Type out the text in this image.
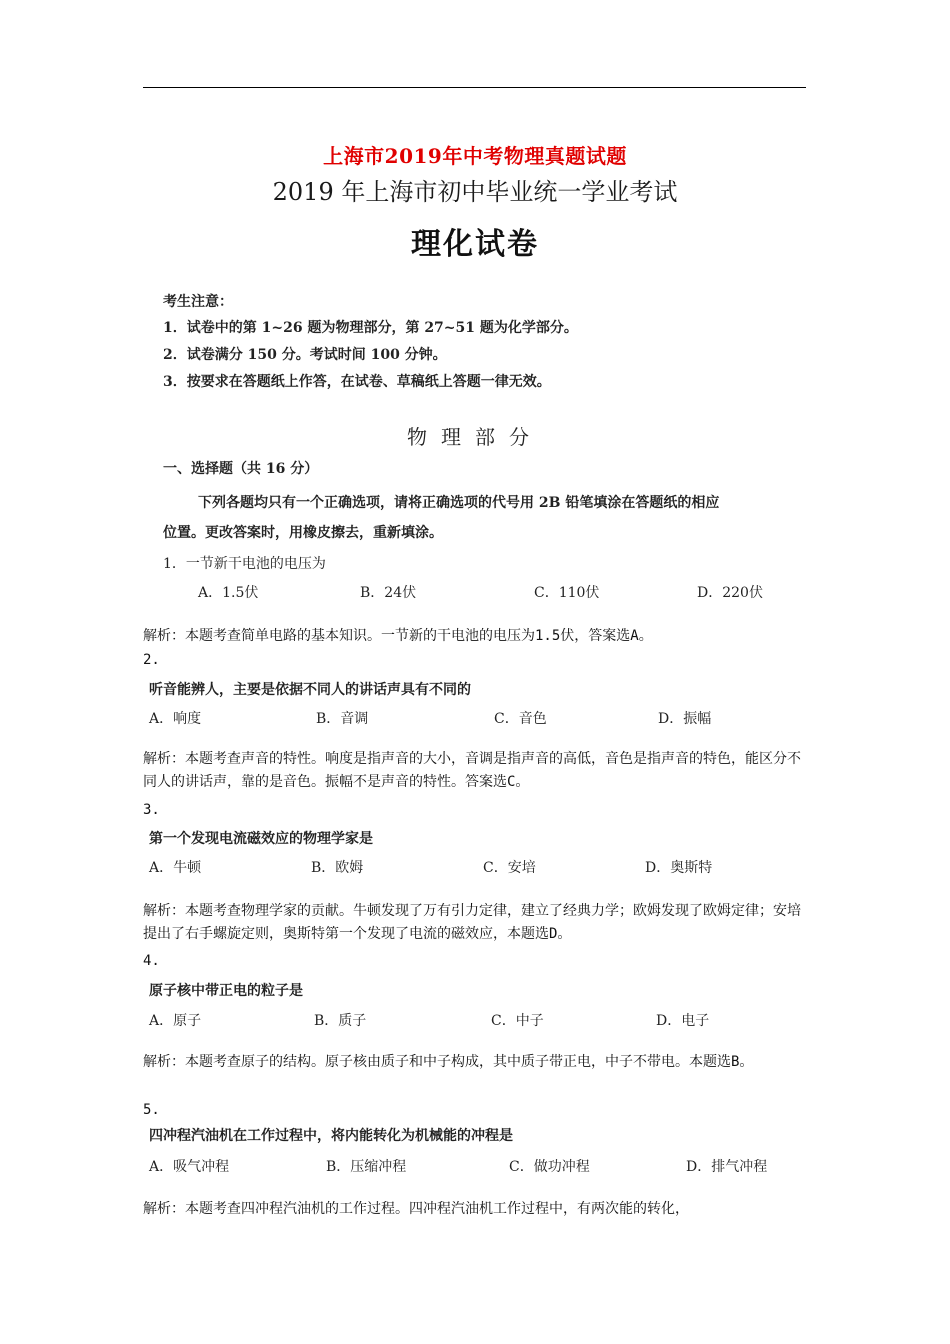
上海市2019年中考物理真题试题
2019 年上海市初中毕业统一学业考试
理化试卷
考生注意：
1．试卷中的第 1~26 题为物理部分，第 27~51 题为化学部分。
2．试卷满分 150 分。考试时间 100 分钟。
3．按要求在答题纸上作答，在试卷、草稿纸上答题一律无效。
物理部分
一、选择题（共 16 分）
下列各题均只有一个正确选项，请将正确选项的代号用 2B 铅笔填涂在答题纸的相应
位置。更改答案时，用橡皮擦去，重新填涂。
1．一节新干电池的电压为
A．1.5伏	B．24伏	C．110伏	D．220伏
解析：本题考查简单电路的基本知识。一节新的干电池的电压为1.5伏，答案选A。
2.
听音能辨人，主要是依据不同人的讲话声具有不同的
A．响度	B．音调	C．音色	D．振幅
解析：本题考查声音的特性。响度是指声音的大小，音调是指声音的高低，音色是指声音的特色，能区分不同人的讲话声，靠的是音色。振幅不是声音的特性。答案选C。
3.
第一个发现电流磁效应的物理学家是
A．牛顿	B．欧姆	C．安培	D．奥斯特
解析：本题考查物理学家的贡献。牛顿发现了万有引力定律，建立了经典力学；欧姆发现了欧姆定律；安培提出了右手螺旋定则，奥斯特第一个发现了电流的磁效应，本题选D。
4.
原子核中带正电的粒子是
A．原子	B．质子	C．中子	D．电子
解析：本题考查原子的结构。原子核由质子和中子构成，其中质子带正电，中子不带电。本题选B。
5.
四冲程汽油机在工作过程中，将内能转化为机械能的冲程是
A．吸气冲程	B．压缩冲程	C．做功冲程	D．排气冲程
解析：本题考查四冲程汽油机的工作过程。四冲程汽油机工作过程中，有两次能的转化，
